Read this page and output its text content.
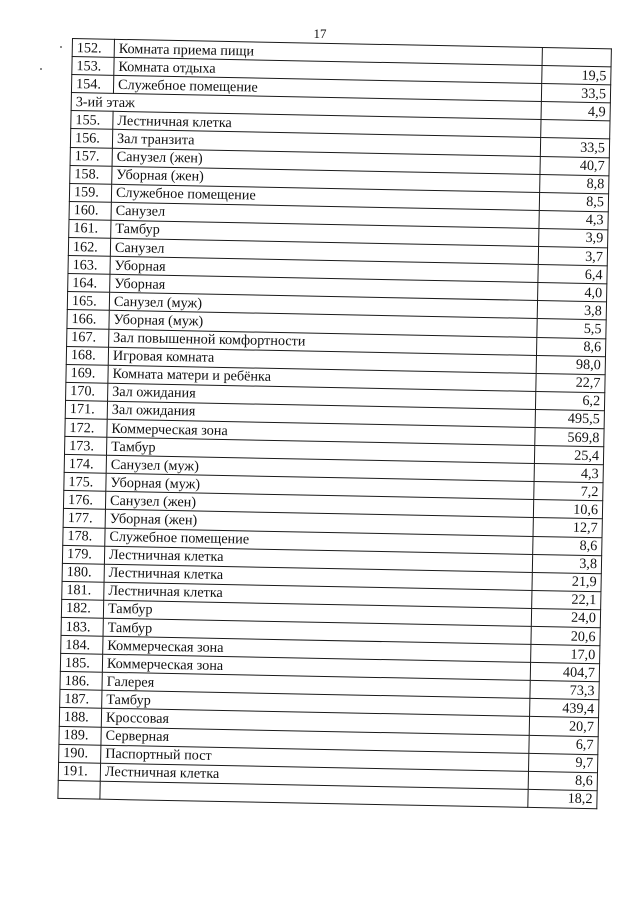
17
152.	Комната приема пищи	
153.	Комната отдыха	19,5
154.	Служебное помещение	33,5
3-ий этаж		4,9
155.	Лестничная клетка	
156.	Зал транзита	33,5
157.	Санузел (жен)	40,7
158.	Уборная (жен)	8,8
159.	Служебное помещение	8,5
160.	Санузел	4,3
161.	Тамбур	3,9
162.	Санузел	3,7
163.	Уборная	6,4
164.	Уборная	4,0
165.	Санузел (муж)	3,8
166.	Уборная (муж)	5,5
167.	Зал повышенной комфортности	8,6
168.	Игровая комната	98,0
169.	Комната матери и ребёнка	22,7
170.	Зал ожидания	6,2
171.	Зал ожидания	495,5
172.	Коммерческая зона	569,8
173.	Тамбур	25,4
174.	Санузел (муж)	4,3
175.	Уборная (муж)	7,2
176.	Санузел (жен)	10,6
177.	Уборная (жен)	12,7
178.	Служебное помещение	8,6
179.	Лестничная клетка	3,8
180.	Лестничная клетка	21,9
181.	Лестничная клетка	22,1
182.	Тамбур	24,0
183.	Тамбур	20,6
184.	Коммерческая зона	17,0
185.	Коммерческая зона	404,7
186.	Галерея	73,3
187.	Тамбур	439,4
188.	Кроссовая	20,7
189.	Серверная	6,7
190.	Паспортный пост	9,7
191.	Лестничная клетка	8,6
		18,2
